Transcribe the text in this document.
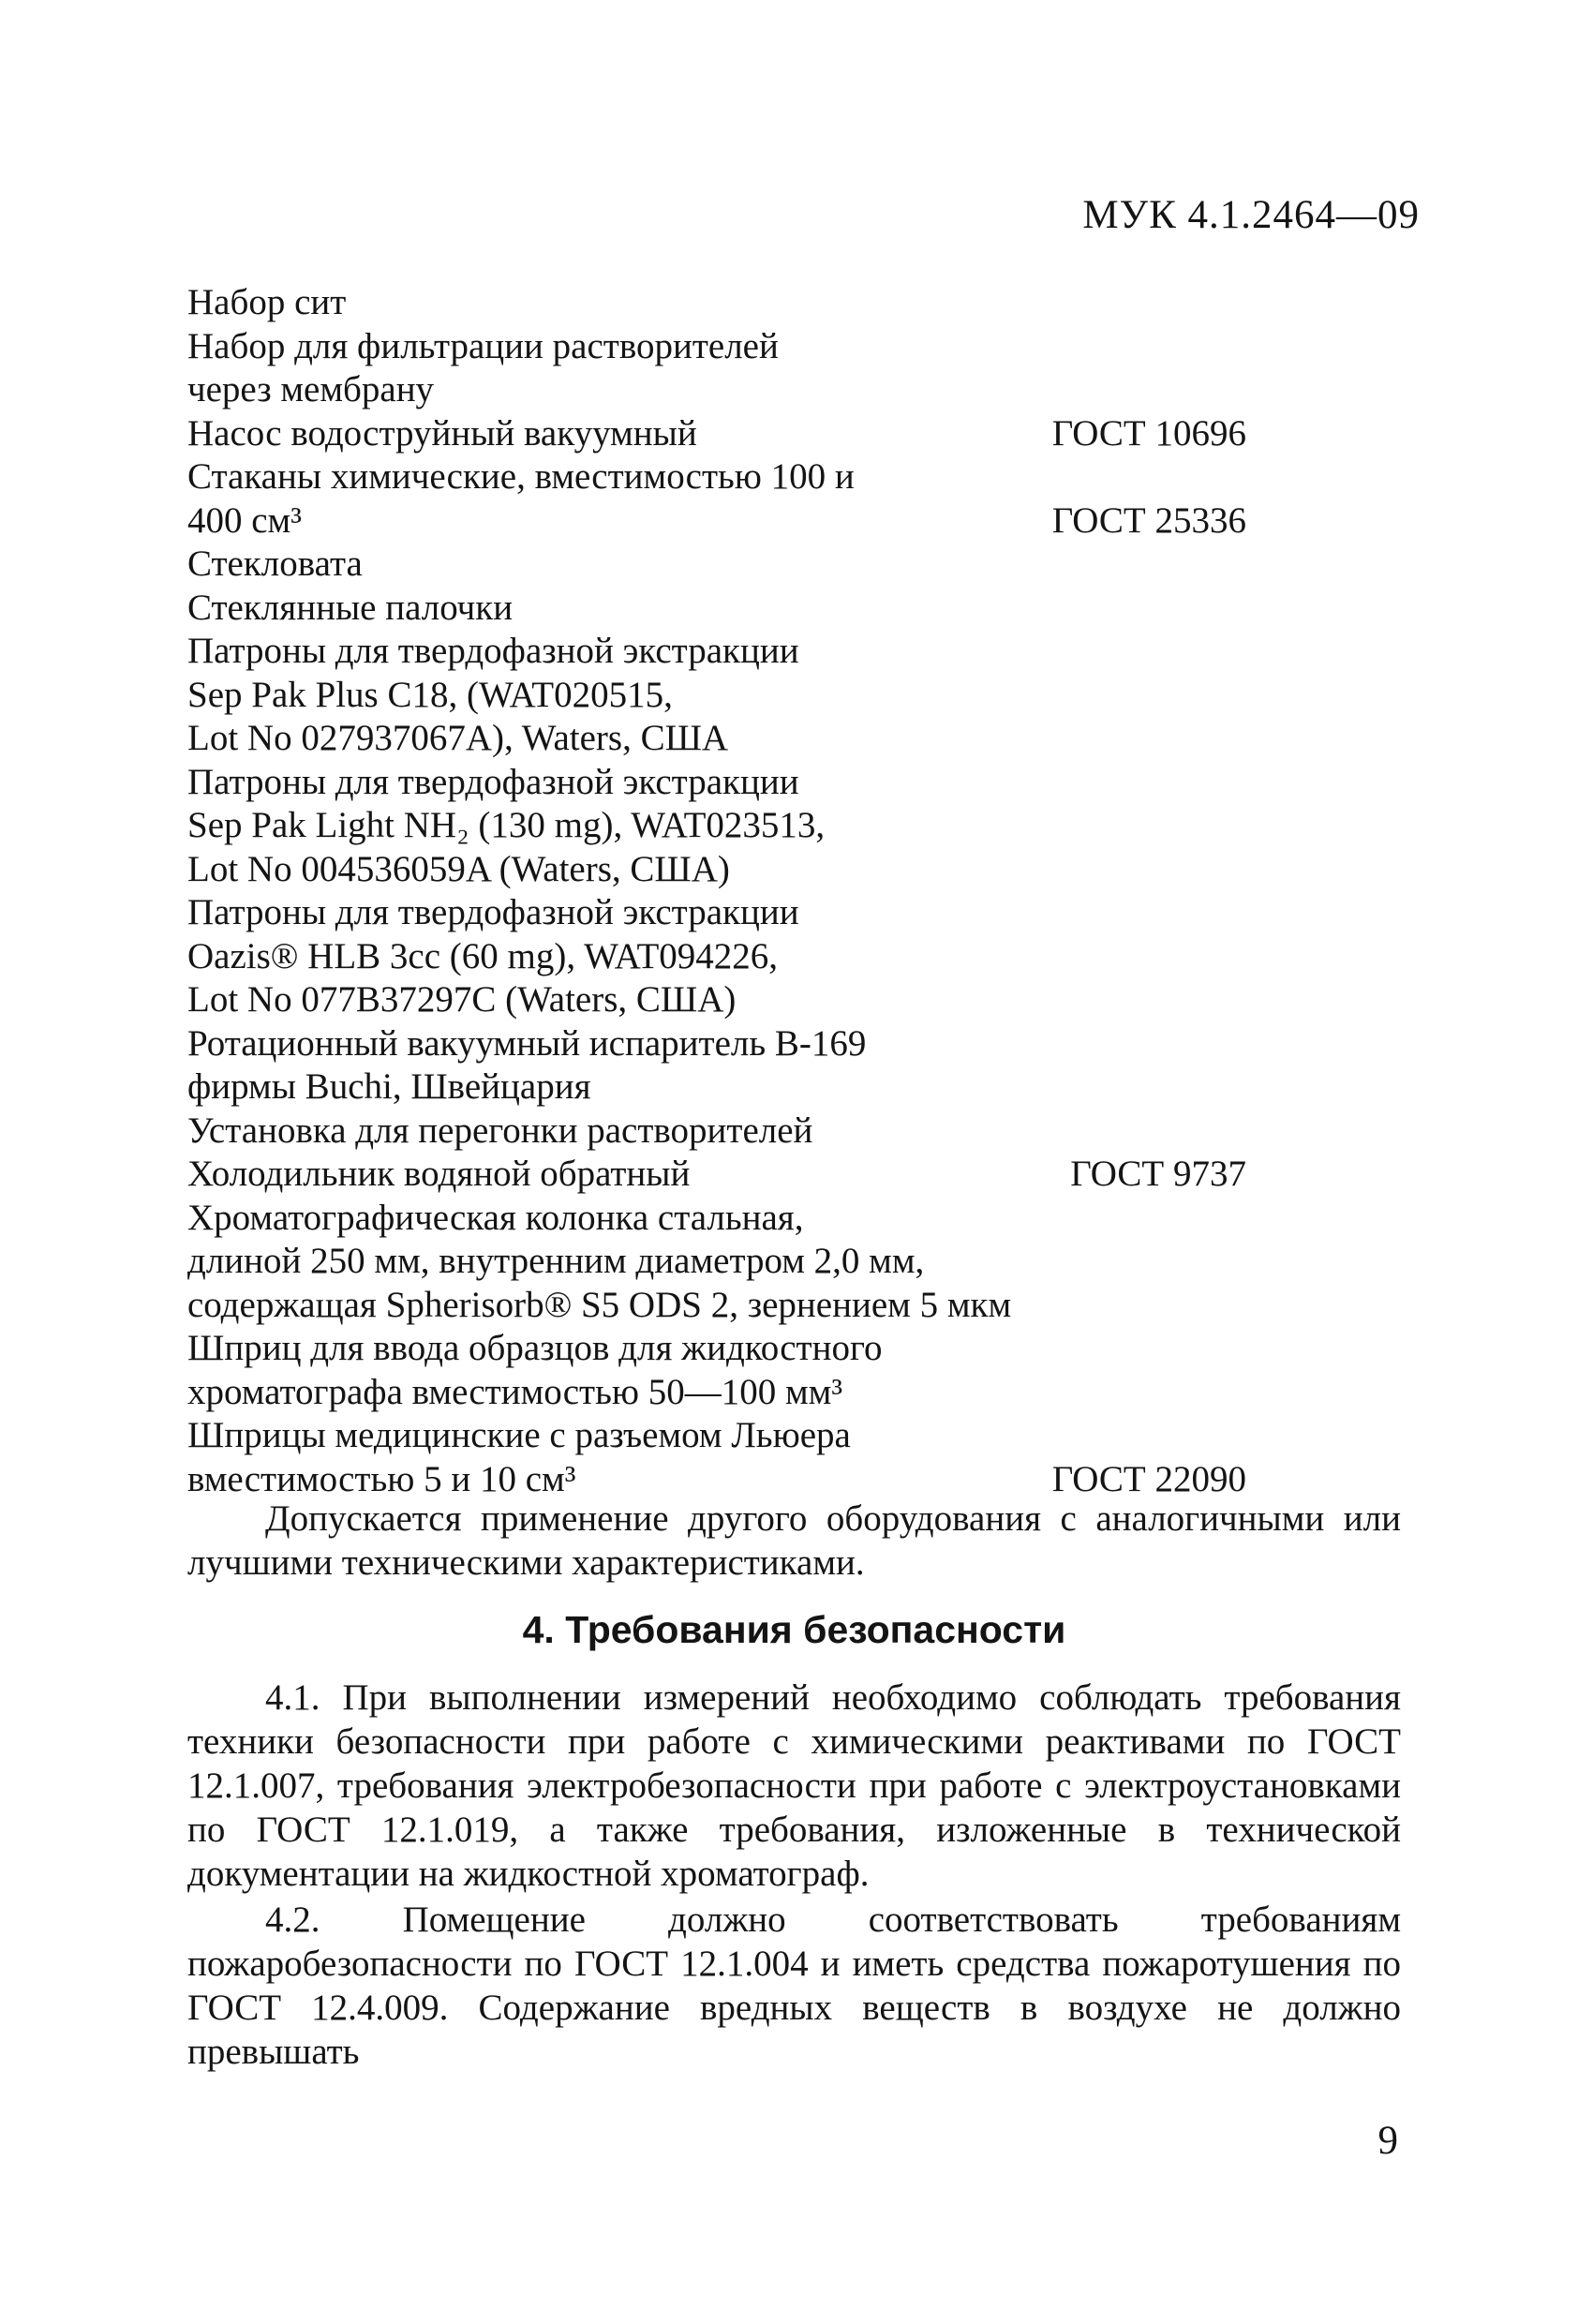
МУК 4.1.2464—09
Набор сит
Набор для фильтрации растворителей
через мембрану
Насос водоструйный вакуумный	ГОСТ 10696
Стаканы химические, вместимостью 100 и
400 см³	ГОСТ 25336
Стекловата
Стеклянные палочки
Патроны для твердофазной экстракции
Sep Pak Plus C18, (WAT020515,
Lot No 027937067A), Waters, США
Патроны для твердофазной экстракции
Sep Pak Light NH₂ (130 mg), WAT023513,
Lot No 004536059A (Waters, США)
Патроны для твердофазной экстракции
Oazis® HLB 3cc (60 mg), WAT094226,
Lot No 077B37297C (Waters, США)
Ротационный вакуумный испаритель В-169
фирмы Buchi, Швейцария
Установка для перегонки растворителей
Холодильник водяной обратный	ГОСТ 9737
Хроматографическая колонка стальная,
длиной 250 мм, внутренним диаметром 2,0 мм,
содержащая Spherisorb® S5 ODS 2, зернением 5 мкм
Шприц для ввода образцов для жидкостного
хроматографа вместимостью 50—100 мм³
Шприцы медицинские с разъемом Льюера
вместимостью 5 и 10 см³	ГОСТ 22090

Допускается применение другого оборудования с аналогичными или лучшими техническими характеристиками.

4. Требования безопасности

4.1. При выполнении измерений необходимо соблюдать требования техники безопасности при работе с химическими реактивами по ГОСТ 12.1.007, требования электробезопасности при работе с электроустановками по ГОСТ 12.1.019, а также требования, изложенные в технической документации на жидкостной хроматограф.

4.2. Помещение должно соответствовать требованиям пожаробезопасности по ГОСТ 12.1.004 и иметь средства пожаротушения по ГОСТ 12.4.009. Содержание вредных веществ в воздухе не должно превышать

9
